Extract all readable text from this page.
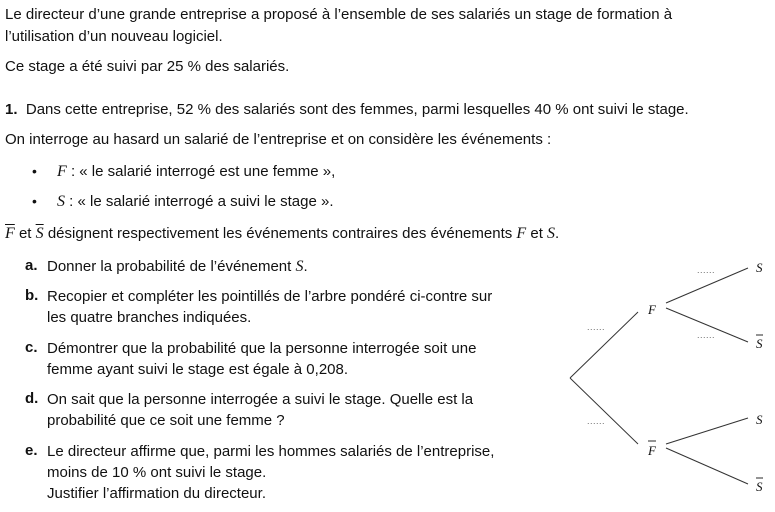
Le directeur d’une grande entreprise a proposé à l’ensemble de ses salariés un stage de formation à
l’utilisation d’un nouveau logiciel.
Ce stage a été suivi par 25 % des salariés.
1. Dans cette entreprise, 52 % des salariés sont des femmes, parmi lesquelles 40 % ont suivi le stage.
On interroge au hasard un salarié de l’entreprise et on considère les événements :
• F : « le salarié interrogé est une femme »,
• S : « le salarié interrogé a suivi le stage ».
$\overline{F}$ et $\overline{S}$ désignent respectivement les événements contraires des événements F et S.
a. Donner la probabilité de l’événement S.
b. Recopier et compléter les pointillés de l’arbre pondéré ci-contre sur
les quatre branches indiquées.
c. Démontrer que la probabilité que la personne interrogée soit une
femme ayant suivi le stage est égale à 0,208.
d. On sait que la personne interrogée a suivi le stage. Quelle est la
probabilité que ce soit une femme ?
e. Le directeur affirme que, parmi les hommes salariés de l’entreprise,
moins de 10 % ont suivi le stage.
Justifier l’affirmation du directeur.
......
......
......
......
F
F
S
S
S
S
